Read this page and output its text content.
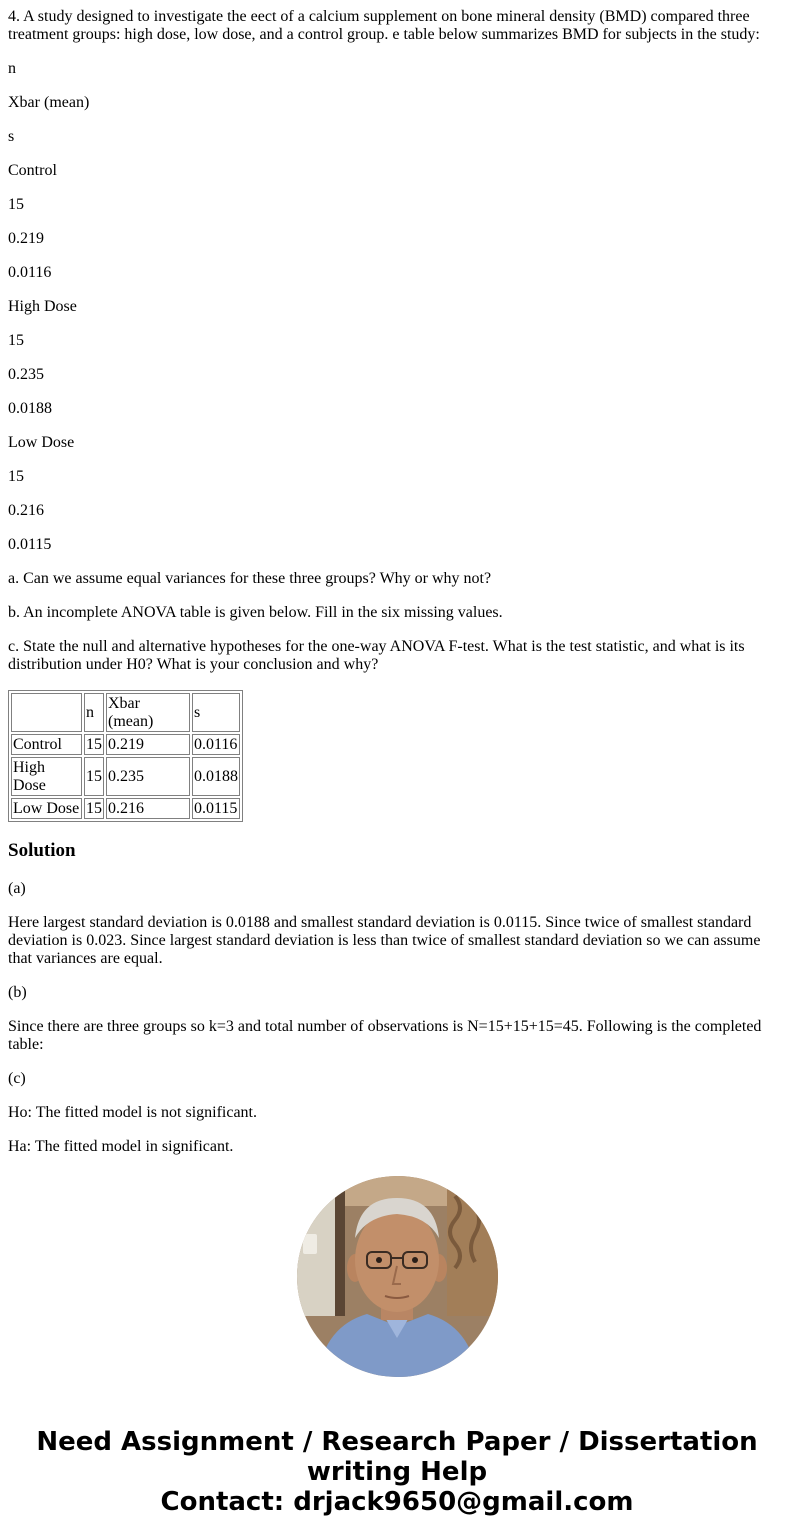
4. A study designed to investigate the eect of a calcium supplement on bone mineral density (BMD) compared three treatment groups: high dose, low dose, and a control group. e table below summarizes BMD for subjects in the study:

n

Xbar (mean)

s

Control

15

0.219

0.0116

High Dose

15

0.235

0.0188

Low Dose

15

0.216

0.0115

a. Can we assume equal variances for these three groups? Why or why not?

b. An incomplete ANOVA table is given below. Fill in the six missing values.

c. State the null and alternative hypotheses for the one-way ANOVA F-test. What is the test statistic, and what is its distribution under H0? What is your conclusion and why?

	n	Xbar (mean)	s
Control	15	0.219	0.0116
High Dose	15	0.235	0.0188
Low Dose	15	0.216	0.0115
Solution

(a)

Here largest standard deviation is 0.0188 and smallest standard deviation is 0.0115. Since twice of smallest standard deviation is 0.023. Since largest standard deviation is less than twice of smallest standard deviation so we can assume that variances are equal.

(b)

Since there are three groups so k=3 and total number of observations is N=15+15+15=45. Following is the completed table:

(c)

Ho: The fitted model is not significant.

Ha: The fitted model in significant.

Need Assignment / Research Paper / Dissertation writing Help
Contact: drjack9650@gmail.com
